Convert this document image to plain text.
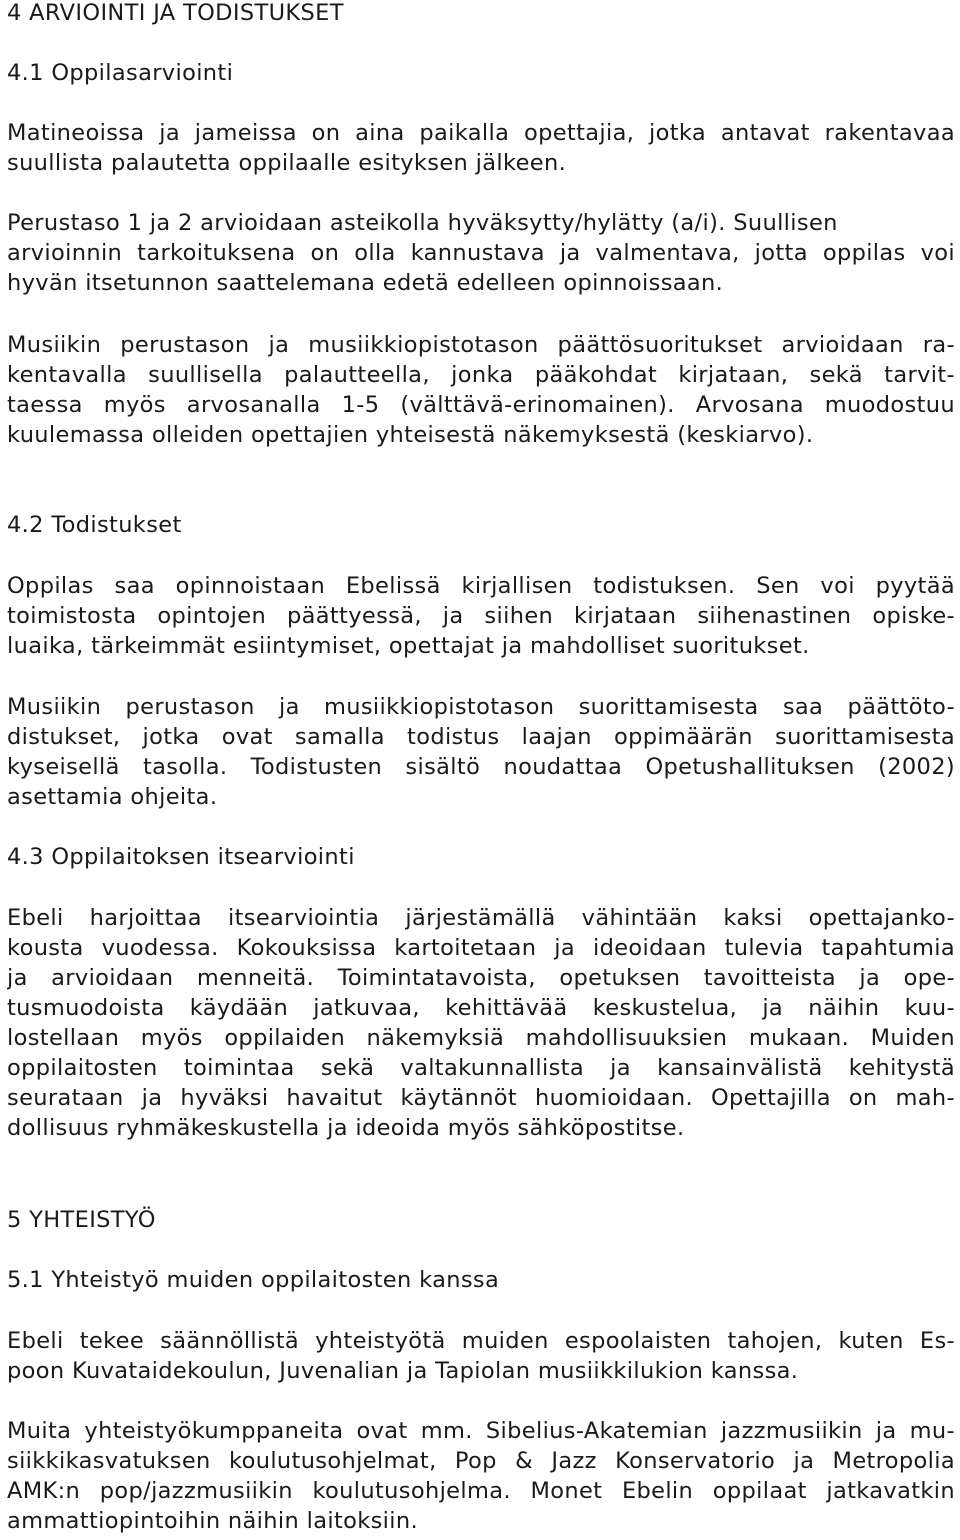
4 ARVIOINTI JA TODISTUKSET
4.1 Oppilasarviointi
Matineoissa ja jameissa on aina paikalla opettajia, jotka antavat rakentavaa
suullista palautetta oppilaalle esityksen jälkeen.
Perustaso 1 ja 2 arvioidaan asteikolla hyväksytty/hylätty (a/i). Suullisen
arvioinnin tarkoituksena on olla kannustava ja valmentava, jotta oppilas voi
hyvän itsetunnon saattelemana edetä edelleen opinnoissaan.
Musiikin perustason ja musiikkiopistotason päättösuoritukset arvioidaan ra-
kentavalla suullisella palautteella, jonka pääkohdat kirjataan, sekä tarvit-
taessa myös arvosanalla 1-5 (välttävä-erinomainen). Arvosana muodostuu
kuulemassa olleiden opettajien yhteisestä näkemyksestä (keskiarvo).
4.2 Todistukset
Oppilas saa opinnoistaan Ebelissä kirjallisen todistuksen. Sen voi pyytää
toimistosta opintojen päättyessä, ja siihen kirjataan siihenastinen opiske-
luaika, tärkeimmät esiintymiset, opettajat ja mahdolliset suoritukset.
Musiikin perustason ja musiikkiopistotason suorittamisesta saa päättöto-
distukset, jotka ovat samalla todistus laajan oppimäärän suorittamisesta
kyseisellä tasolla. Todistusten sisältö noudattaa Opetushallituksen (2002)
asettamia ohjeita.
4.3 Oppilaitoksen itsearviointi
Ebeli harjoittaa itsearviointia järjestämällä vähintään kaksi opettajanko-
kousta vuodessa. Kokouksissa kartoitetaan ja ideoidaan tulevia tapahtumia
ja arvioidaan menneitä. Toimintatavoista, opetuksen tavoitteista ja ope-
tusmuodoista käydään jatkuvaa, kehittävää keskustelua, ja näihin kuu-
lostellaan myös oppilaiden näkemyksiä mahdollisuuksien mukaan. Muiden
oppilaitosten toimintaa sekä valtakunnallista ja kansainvälistä kehitystä
seurataan ja hyväksi havaitut käytännöt huomioidaan. Opettajilla on mah-
dollisuus ryhmäkeskustella ja ideoida myös sähköpostitse.
5 YHTEISTYÖ
5.1 Yhteistyö muiden oppilaitosten kanssa
Ebeli tekee säännöllistä yhteistyötä muiden espoolaisten tahojen, kuten Es-
poon Kuvataidekoulun, Juvenalian ja Tapiolan musiikkilukion kanssa.
Muita yhteistyökumppaneita ovat mm. Sibelius-Akatemian jazzmusiikin ja mu-
siikkikasvatuksen koulutusohjelmat, Pop & Jazz Konservatorio ja Metropolia
AMK:n pop/jazzmusiikin koulutusohjelma. Monet Ebelin oppilaat jatkavatkin
ammattiopintoihin näihin laitoksiin.
